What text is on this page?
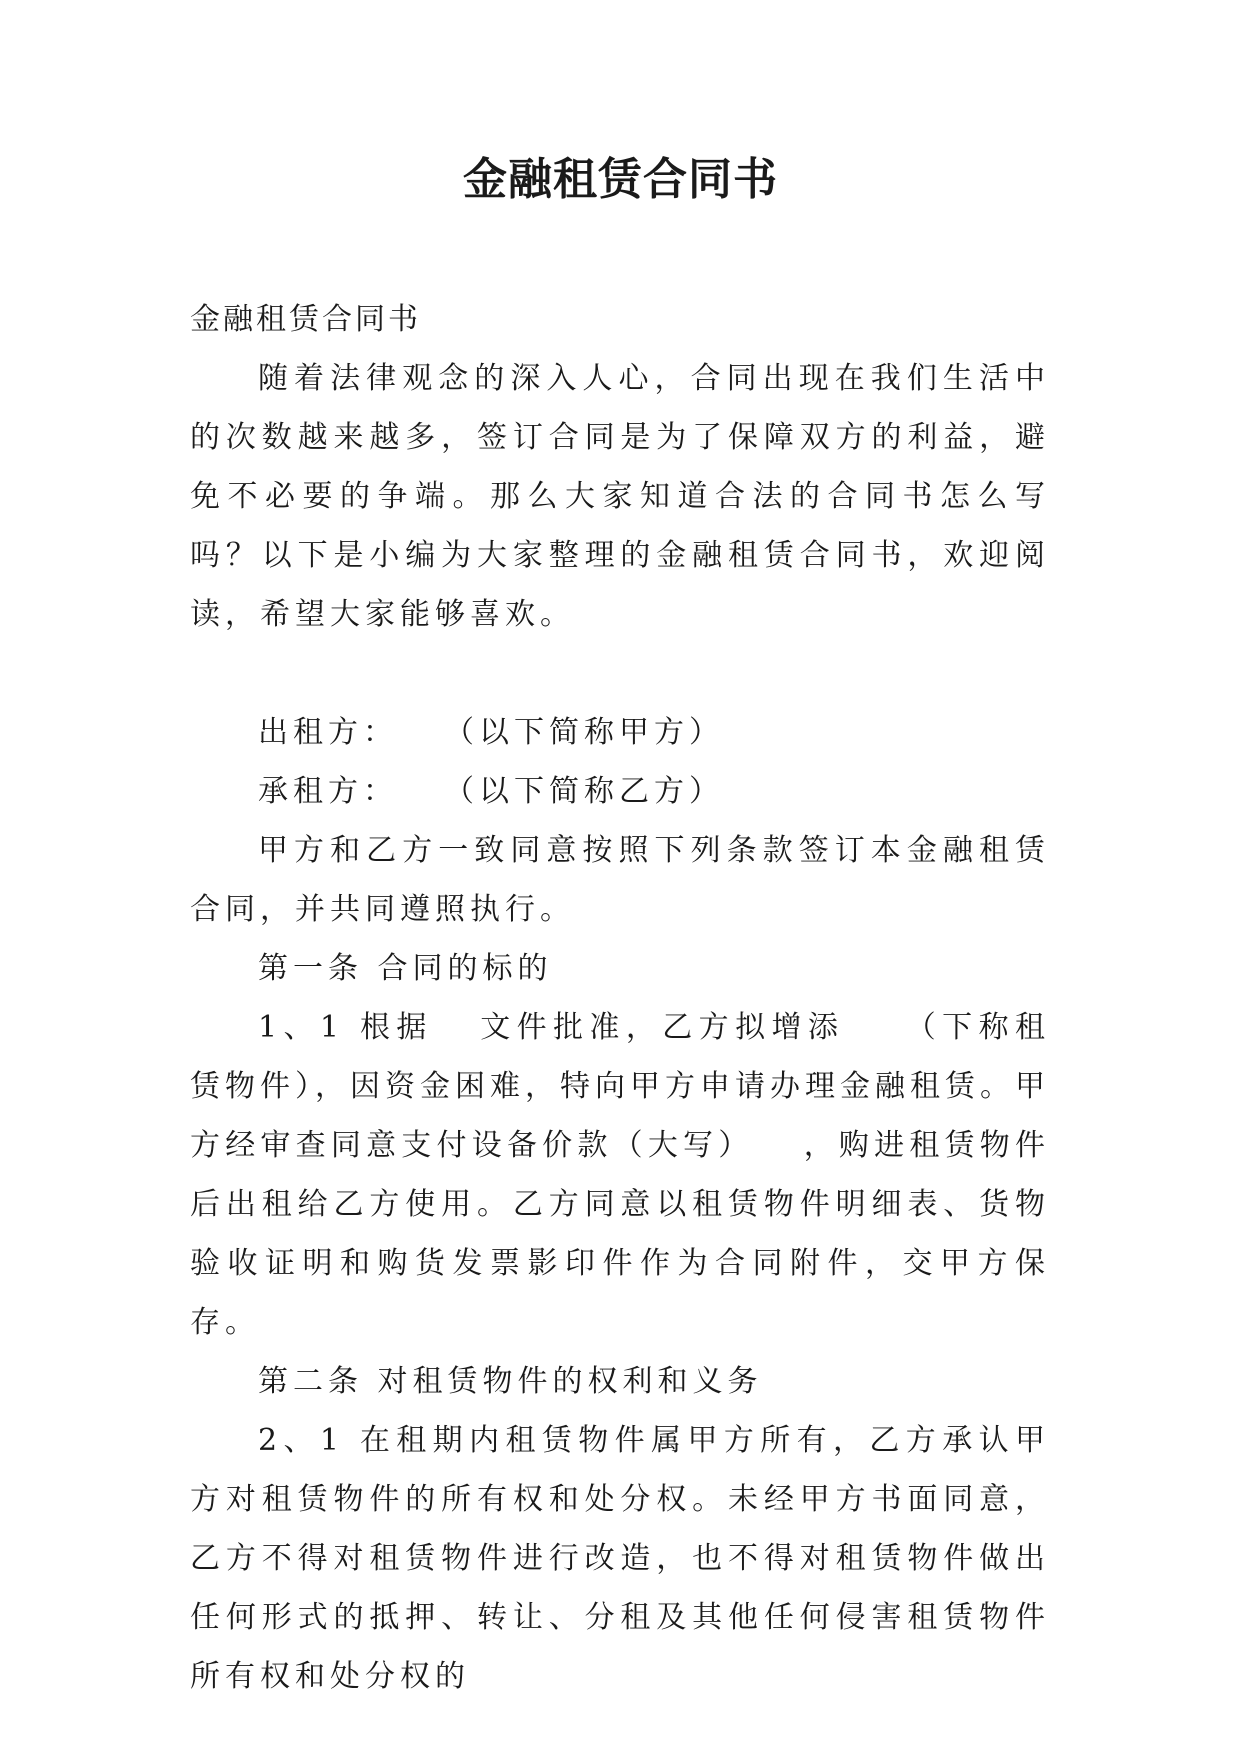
金融租赁合同书

金融租赁合同书

随着法律观念的深入人心，合同出现在我们生活中的次数越来越多，签订合同是为了保障双方的利益，避免不必要的争端。那么大家知道合法的合同书怎么写吗？以下是小编为大家整理的金融租赁合同书，欢迎阅读，希望大家能够喜欢。

出租方： （以下简称甲方）

承租方： （以下简称乙方）

甲方和乙方一致同意按照下列条款签订本金融租赁合同，并共同遵照执行。

第一条 合同的标的

1、1 根据 文件批准，乙方拟增添 （下称租赁物件），因资金困难，特向甲方申请办理金融租赁。甲方经审查同意支付设备价款（大写） ，购进租赁物件后出租给乙方使用。乙方同意以租赁物件明细表、货物验收证明和购货发票影印件作为合同附件，交甲方保存。

第二条 对租赁物件的权利和义务

2、1 在租期内租赁物件属甲方所有，乙方承认甲方对租赁物件的所有权和处分权。未经甲方书面同意，乙方不得对租赁物件进行改造，也不得对租赁物件做出任何形式的抵押、转让、分租及其他任何侵害租赁物件所有权和处分权的
